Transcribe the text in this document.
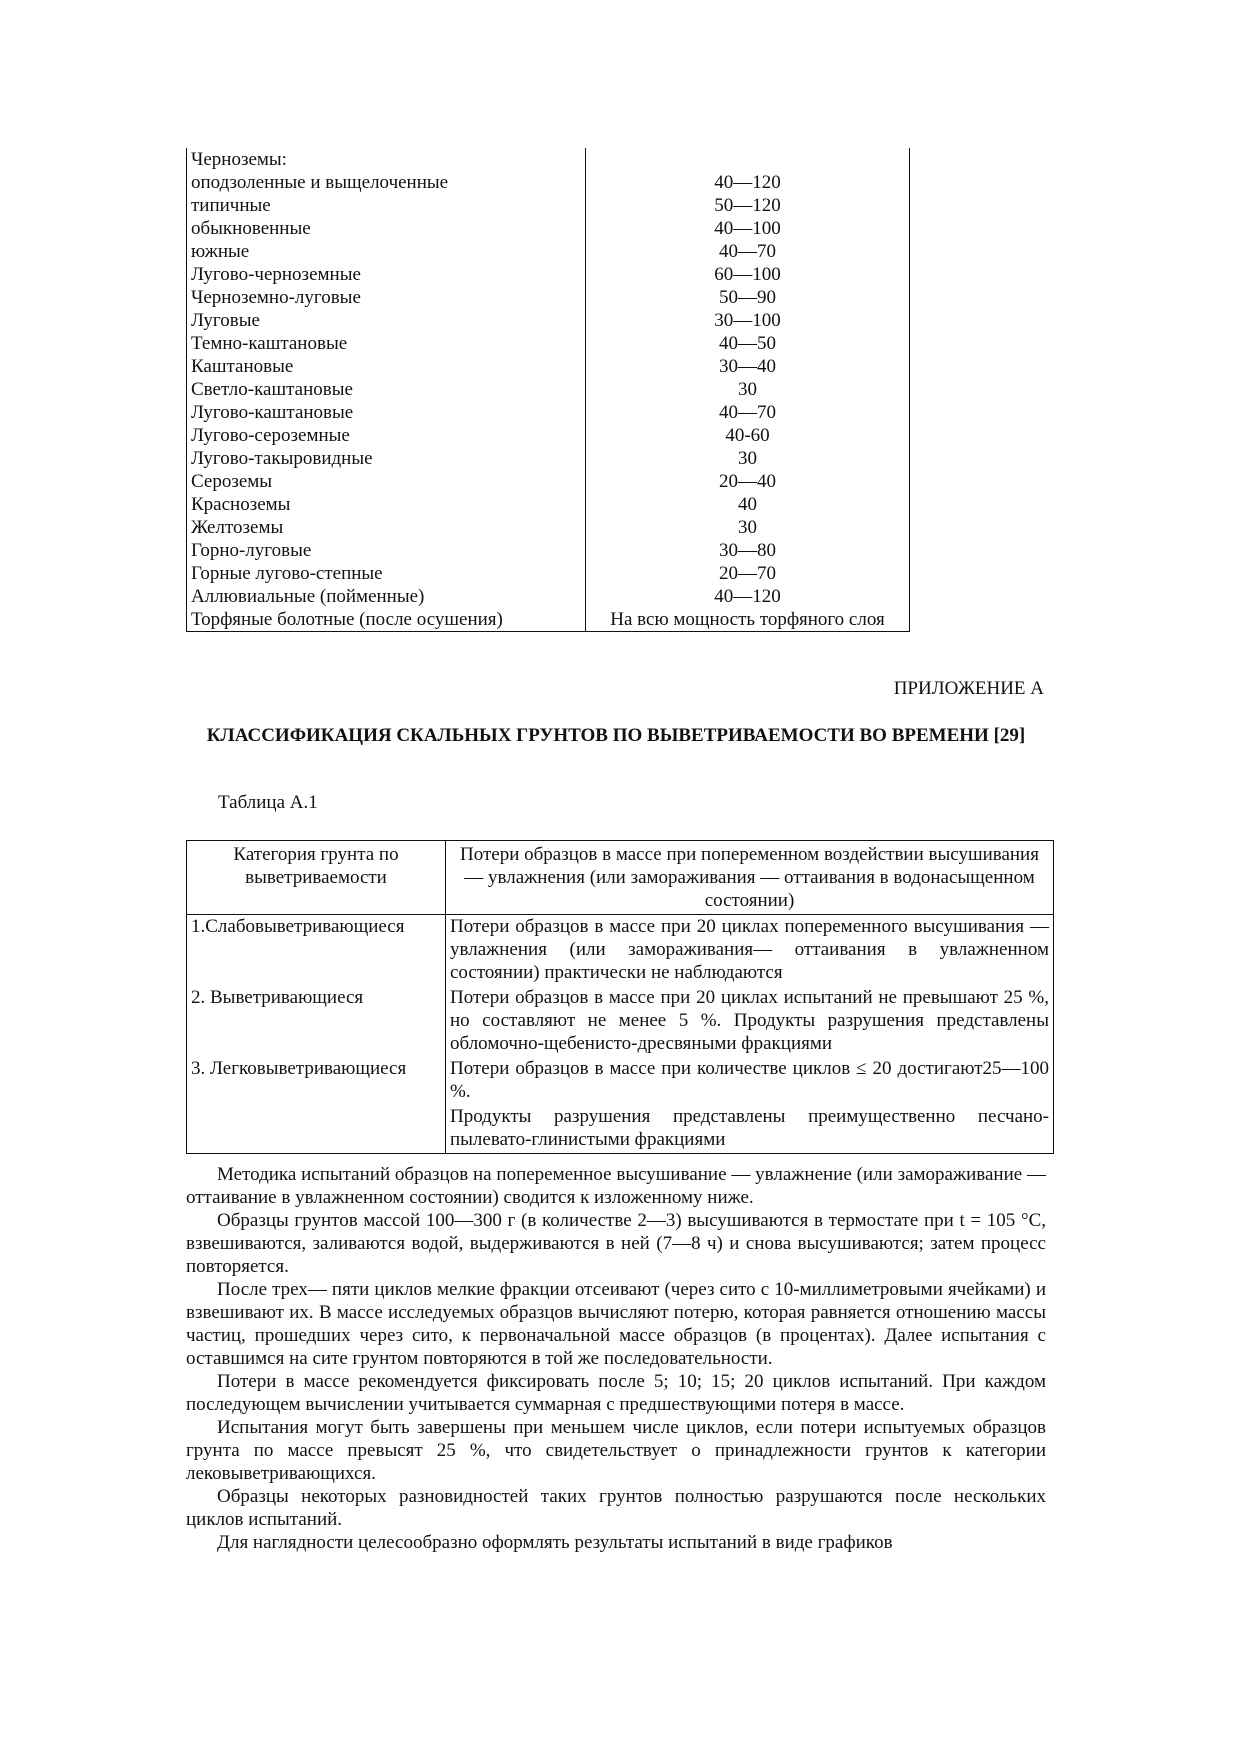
Черноземы:	
оподзоленные и выщелоченные	40—120
типичные	50—120
обыкновенные	40—100
южные	40—70
Лугово-черноземные	60—100
Черноземно-луговые	50—90
Луговые	30—100
Темно-каштановые	40—50
Каштановые	30—40
Светло-каштановые	30
Лугово-каштановые	40—70
Лугово-сероземные	40-60
Лугово-такыровидные	30
Сероземы	20—40
Красноземы	40
Желтоземы	30
Горно-луговые	30—80
Горные лугово-степные	20—70
Аллювиальные (пойменные)	40—120
Торфяные болотные (после осушения)	На всю мощность торфяного слоя
ПРИЛОЖЕНИЕ А
КЛАССИФИКАЦИЯ СКАЛЬНЫХ ГРУНТОВ ПО ВЫВЕТРИВАЕМОСТИ ВО ВРЕМЕНИ [29]
Таблица А.1
Категория грунта по выветриваемости	Потери образцов в массе при попеременном воздействии высушивания — увлажнения (или замораживания — оттаивания в водонасыщенном состоянии)
1.Слабовыветривающиеся	Потери образцов в массе при 20 циклах попеременного высушивания — увлажнения (или замораживания— оттаивания в увлажненном состоянии) практически не наблюдаются
2. Выветривающиеся	Потери образцов в массе при 20 циклах испытаний не превышают 25 %, но составляют не менее 5 %. Продукты разрушения представлены обломочно-щебенисто-дресвяными фракциями
3. Легковыветривающиеся	Потери образцов в массе при количестве циклов ≤ 20 достигают25—100 %.
	Продукты разрушения представлены преимущественно песчано-пылевато-глинистыми фракциями

Методика испытаний образцов на попеременное высушивание — увлажнение (или замораживание — оттаивание в увлажненном состоянии) сводится к изложенному ниже.

Образцы грунтов массой 100—300 г (в количестве 2—3) высушиваются в термостате при t = 105 °С, взвешиваются, заливаются водой, выдерживаются в ней (7—8 ч) и снова высушиваются; затем процесс повторяется.

После трех— пяти циклов мелкие фракции отсеивают (через сито с 10-миллиметровыми ячейками) и взвешивают их. В массе исследуемых образцов вычисляют потерю, которая равняется отношению массы частиц, прошедших через сито, к первоначальной массе образцов (в процентах). Далее испытания с оставшимся на сите грунтом повторяются в той же последовательности.

Потери в массе рекомендуется фиксировать после 5; 10; 15; 20 циклов испытаний. При каждом последующем вычислении учитывается суммарная с предшествующими потеря в массе.

Испытания могут быть завершены при меньшем числе циклов, если потери испытуемых образцов грунта по массе превысят 25 %, что свидетельствует о принадлежности грунтов к категории лековыветривающихся.

Образцы некоторых разновидностей таких грунтов полностью разрушаются после нескольких циклов испытаний.

Для наглядности целесообразно оформлять результаты испытаний в виде графиков
